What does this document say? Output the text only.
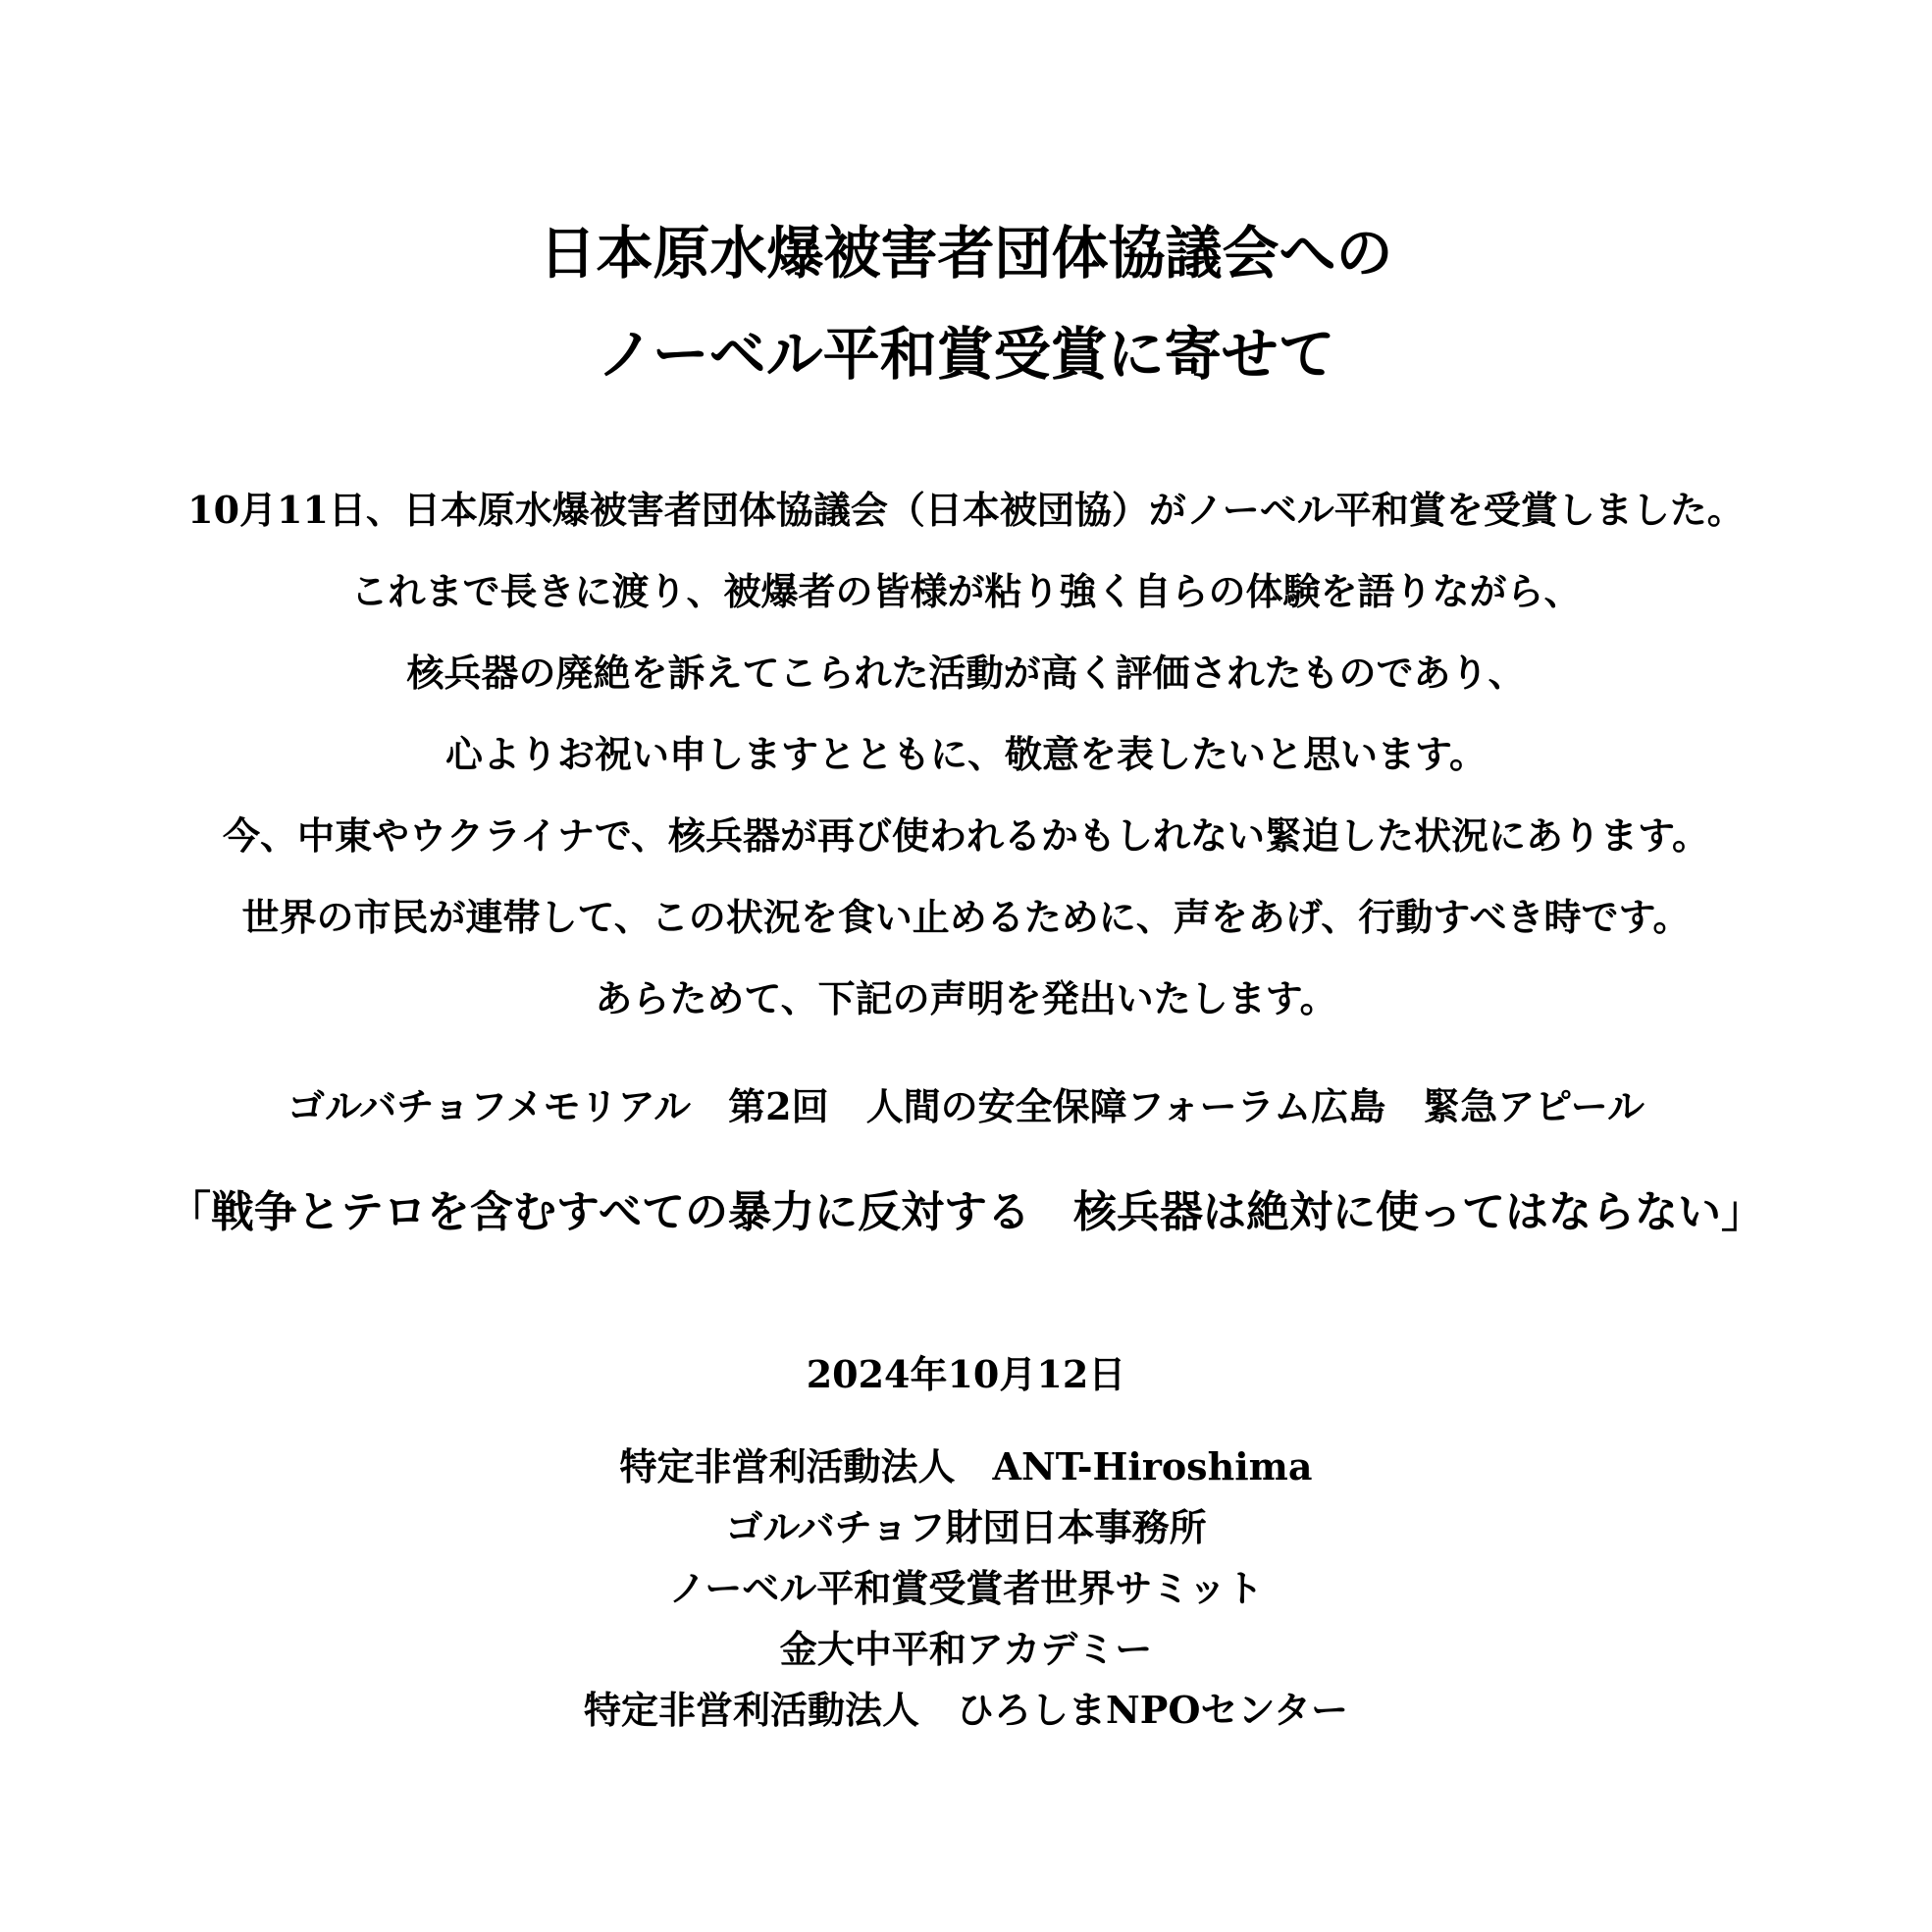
日本原水爆被害者団体協議会への
ノーベル平和賞受賞に寄せて
10月11日、日本原水爆被害者団体協議会（日本被団協）がノーベル平和賞を受賞しました。
これまで長きに渡り、被爆者の皆様が粘り強く自らの体験を語りながら、
核兵器の廃絶を訴えてこられた活動が高く評価されたものであり、
心よりお祝い申しますとともに、敬意を表したいと思います。
今、中東やウクライナで、核兵器が再び使われるかもしれない緊迫した状況にあります。
世界の市民が連帯して、この状況を食い止めるために、声をあげ、行動すべき時です。
あらためて、下記の声明を発出いたします。
ゴルバチョフメモリアル　第2回　人間の安全保障フォーラム広島　緊急アピール
「戦争とテロを含むすべての暴力に反対する　核兵器は絶対に使ってはならない」
2024年10月12日
特定非営利活動法人　ANT-Hiroshima
ゴルバチョフ財団日本事務所
ノーベル平和賞受賞者世界サミット
金大中平和アカデミー
特定非営利活動法人　ひろしまNPOセンター
